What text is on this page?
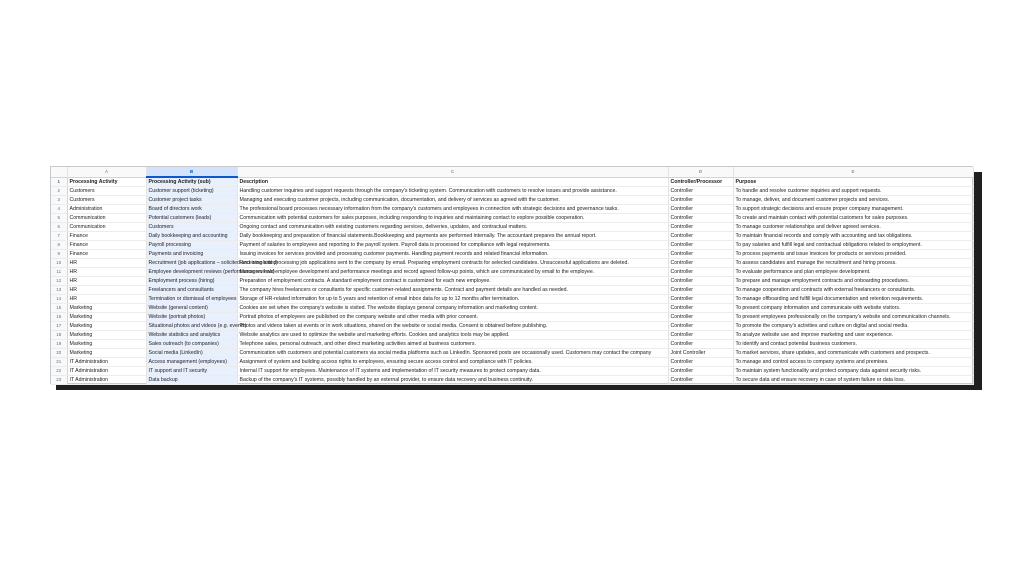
	A	B	C	D	E
1	Processing Activity	Processing Activity (sub)	Description	Controller/Processor	Purpose
2	Customers	Customer support (ticketing)	Handling customer inquiries and support requests through the company's ticketing system. Communication with customers to resolve issues and provide assistance.	Controller	To handle and resolve customer inquiries and support requests.
3	Customers	Customer project tasks	Managing and executing customer projects, including communication, documentation, and delivery of services as agreed with the customer.	Controller	To manage, deliver, and document customer projects and services.
4	Administration	Board of directors work	The professional board processes necessary information from the company's customers and employees in connection with strategic decisions and governance tasks.	Controller	To support strategic decisions and ensure proper company management.
5	Communication	Potential customers (leads)	Communication with potential customers for sales purposes, including responding to inquiries and maintaining contact to explore possible cooperation.	Controller	To create and maintain contact with potential customers for sales purposes.
6	Communication	Customers	Ongoing contact and communication with existing customers regarding services, deliveries, updates, and contractual matters.	Controller	To manage customer relationships and deliver agreed services.
7	Finance	Daily bookkeeping and accounting	Daily bookkeeping and preparation of financial statements.Bookkeeping and payments are performed internally. The accountant prepares the annual report.	Controller	To maintain financial records and comply with accounting and tax obligations.
8	Finance	Payroll processing	Payment of salaries to employees and reporting to the payroll system. Payroll data is processed for compliance with legal requirements.	Controller	To pay salaries and fulfill legal and contractual obligations related to employment.
9	Finance	Payments and invoicing	Issuing invoices for services provided and processing customer payments. Handling payment records and related financial information.	Controller	To process payments and issue invoices for products or services provided.
10	HR	Recruitment (job applications – solicited and unsolicited)	Receiving and processing job applications sent to the company by email. Preparing employment contracts for selected candidates. Unsuccessful applications are deleted.	Controller	To assess candidates and manage the recruitment and hiring process.
11	HR	Employee development reviews (performance reviews)	Managers hold employee development and performance meetings and record agreed follow-up points, which are communicated by email to the employee.	Controller	To evaluate performance and plan employee development.
12	HR	Employment process (hiring)	Preparation of employment contracts. A standard employment contract is customized for each new employee.	Controller	To prepare and manage employment contracts and onboarding procedures.
13	HR	Freelancers and consultants	The company hires freelancers or consultants for specific customer-related assignments. Contract and payment details are handled as needed.	Controller	To manage cooperation and contracts with external freelancers or consultants.
14	HR	Termination or dismissal of employees	Storage of HR-related information for up to 5 years and retention of email inbox data for up to 12 months after termination.	Controller	To manage offboarding and fulfill legal documentation and retention requirements.
15	Marketing	Website (general content)	Cookies are set when the company's website is visited. The website displays general company information and marketing content.	Controller	To present company information and communicate with website visitors.
16	Marketing	Website (portrait photos)	Portrait photos of employees are published on the company website and other media with prior consent.	Controller	To present employees professionally on the company's website and communication channels.
17	Marketing	Situational photos and videos (e.g. events)	Photos and videos taken at events or in work situations, shared on the website or social media. Consent is obtained before publishing.	Controller	To promote the company's activities and culture on digital and social media.
18	Marketing	Website statistics and analytics	Website analytics are used to optimize the website and marketing efforts. Cookies and analytics tools may be applied.	Controller	To analyze website use and improve marketing and user experience.
19	Marketing	Sales outreach (to companies)	Telephone sales, personal outreach, and other direct marketing activities aimed at business customers.	Controller	To identify and contact potential business customers.
20	Marketing	Social media (LinkedIn)	Communication with customers and potential customers via social media platforms such as LinkedIn. Sponsored posts are occasionally used. Customers may contact the company	Joint Controller	To market services, share updates, and communicate with customers and prospects.
21	IT Administration	Access management (employees)	Assignment of system and building access rights to employees, ensuring secure access control and compliance with IT policies.	Controller	To manage and control access to company systems and premises.
22	IT Administration	IT support and IT security	Internal IT support for employees. Maintenance of IT systems and implementation of IT security measures to protect company data.	Controller	To maintain system functionality and protect company data against security risks.
23	IT Administration	Data backup	Backup of the company's IT systems, possibly handled by an external provider, to ensure data recovery and business continuity.	Controller	To secure data and ensure recovery in case of system failure or data loss.
